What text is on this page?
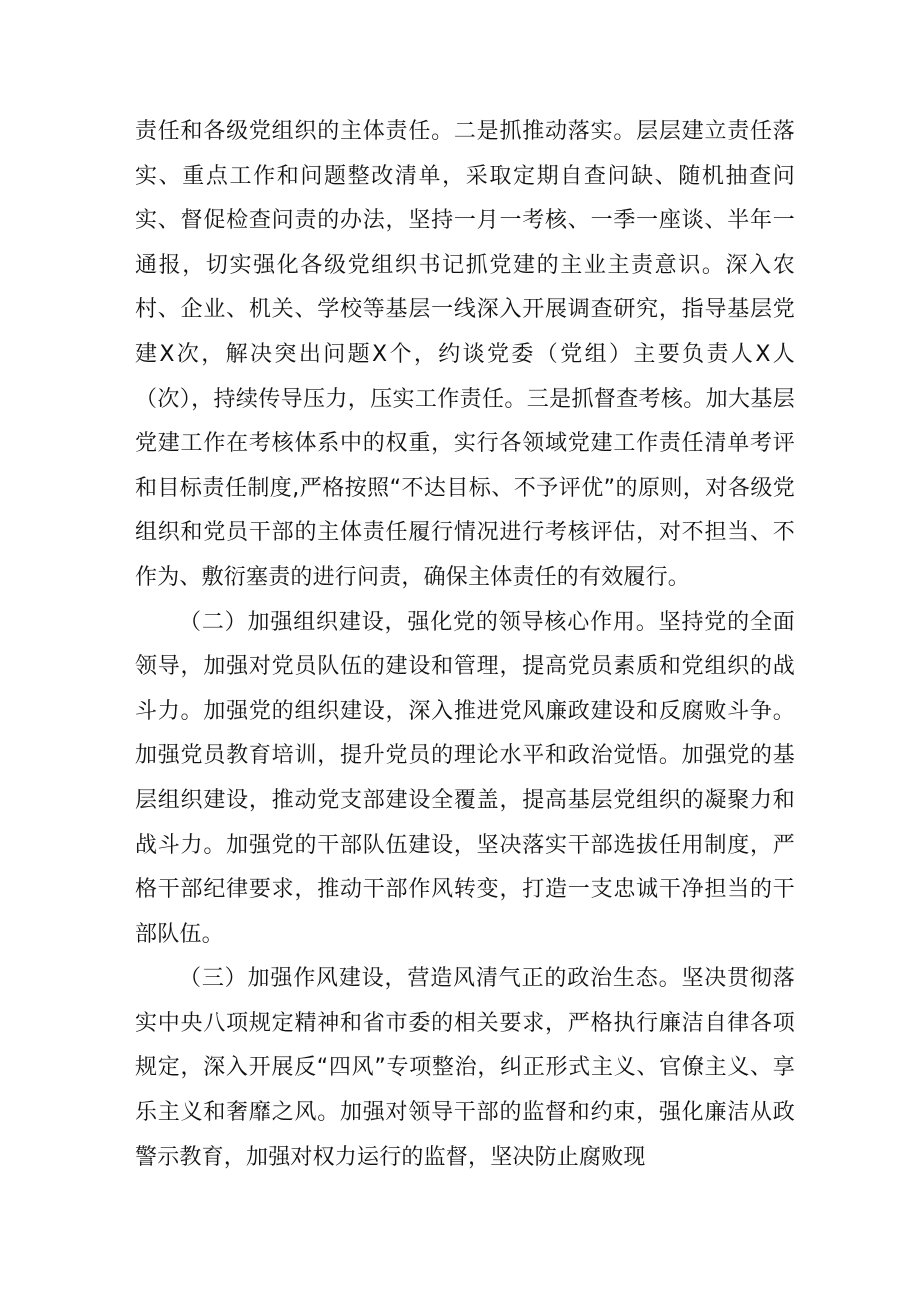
责任和各级党组织的主体责任。二是抓推动落实。层层建立责任落实、重点工作和问题整改清单，采取定期自查问缺、随机抽查问实、督促检查问责的办法，坚持一月一考核、一季一座谈、半年一通报，切实强化各级党组织书记抓党建的主业主责意识。深入农村、企业、机关、学校等基层一线深入开展调查研究，指导基层党建X次，解决突出问题X个，约谈党委（党组）主要负责人X人（次），持续传导压力，压实工作责任。三是抓督查考核。加大基层党建工作在考核体系中的权重，实行各领域党建工作责任清单考评和目标责任制度,严格按照“不达目标、不予评优”的原则，对各级党组织和党员干部的主体责任履行情况进行考核评估，对不担当、不作为、敷衍塞责的进行问责，确保主体责任的有效履行。

（二）加强组织建设，强化党的领导核心作用。坚持党的全面领导，加强对党员队伍的建设和管理，提高党员素质和党组织的战斗力。加强党的组织建设，深入推进党风廉政建设和反腐败斗争。加强党员教育培训，提升党员的理论水平和政治觉悟。加强党的基层组织建设，推动党支部建设全覆盖，提高基层党组织的凝聚力和战斗力。加强党的干部队伍建设，坚决落实干部选拔任用制度，严格干部纪律要求，推动干部作风转变，打造一支忠诚干净担当的干部队伍。

（三）加强作风建设，营造风清气正的政治生态。坚决贯彻落实中央八项规定精神和省市委的相关要求，严格执行廉洁自律各项规定，深入开展反“四风”专项整治，纠正形式主义、官僚主义、享乐主义和奢靡之风。加强对领导干部的监督和约束，强化廉洁从政警示教育，加强对权力运行的监督，坚决防止腐败现
